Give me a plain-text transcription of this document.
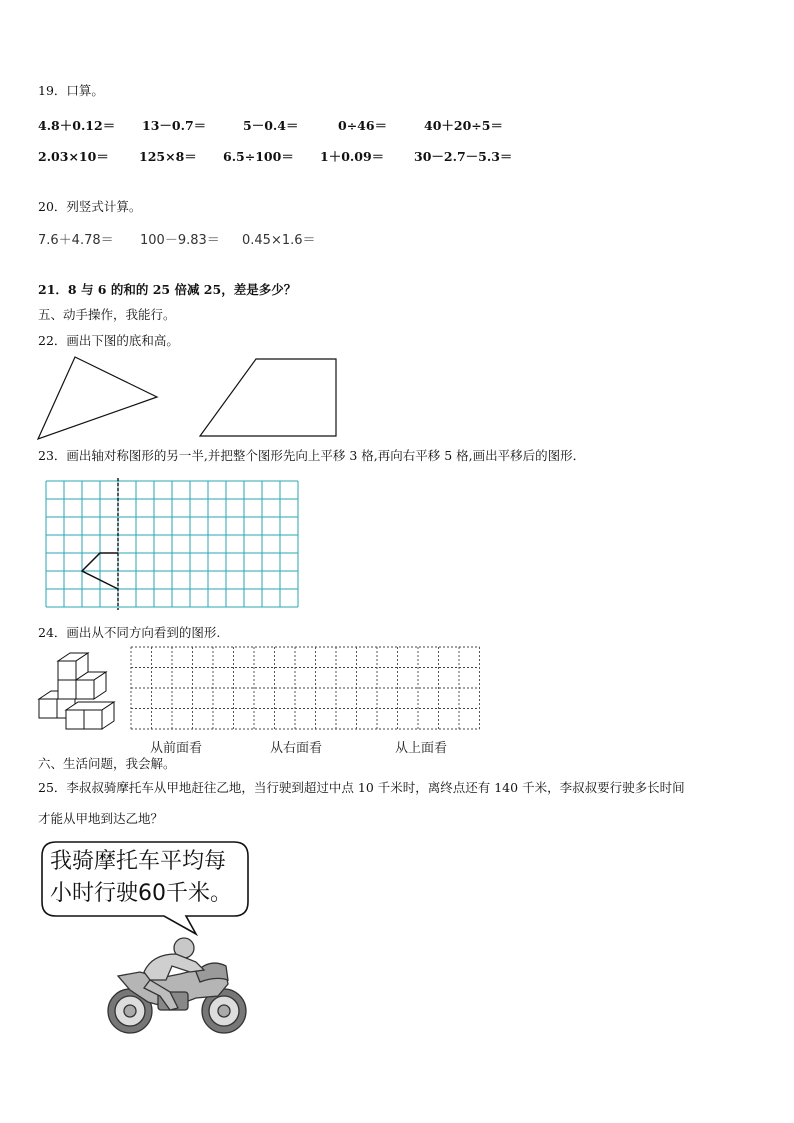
19．口算。
4.8＋0.12＝ 13－0.7＝	5－0.4＝	0÷46＝	40＋20÷5＝
2.03×10＝ 125×8＝ 6.5÷100＝ 1＋0.09＝ 30－2.7－5.3＝
20．列竖式计算。
7.6＋4.78＝ 100－9.83＝ 0.45×1.6＝
21．8 与 6 的和的 25 倍减 25，差是多少？
五、动手操作，我能行。
22．画出下图的底和高。
23．画出轴对称图形的另一半,并把整个图形先向上平移 3 格,再向右平移 5 格,画出平移后的图形．
24．画出从不同方向看到的图形.
从前面看	从右面看	从上面看
六、生活问题，我会解。
25．李叔叔骑摩托车从甲地赶往乙地，当行驶到超过中点 10 千米时，离终点还有 140 千米，李叔叔要行驶多长时间
才能从甲地到达乙地？
我骑摩托车平均每
小时行驶60千米。
